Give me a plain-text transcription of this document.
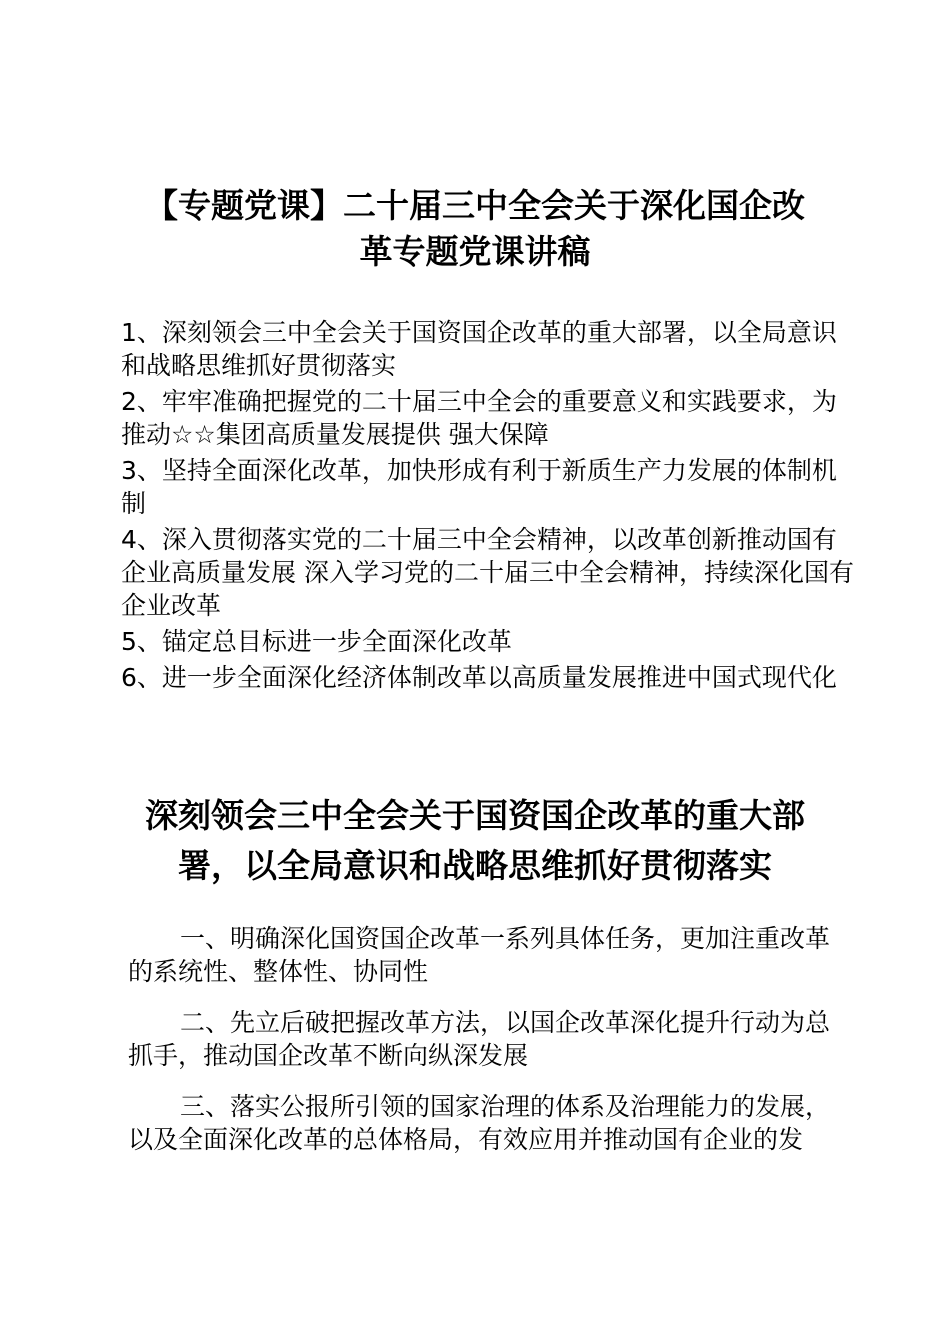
【专题党课】二十届三中全会关于深化国企改
革专题党课讲稿
1、深刻领会三中全会关于国资国企改革的重大部署，以全局意识和战略思维抓好贯彻落实
2、牢牢准确把握党的二十届三中全会的重要意义和实践要求，为推动☆☆集团高质量发展提供 强大保障
3、坚持全面深化改革，加快形成有利于新质生产力发展的体制机制
4、深入贯彻落实党的二十届三中全会精神，以改革创新推动国有企业高质量发展 深入学习党的二十届三中全会精神，持续深化国有企业改革
5、锚定总目标进一步全面深化改革
6、进一步全面深化经济体制改革以高质量发展推进中国式现代化
深刻领会三中全会关于国资国企改革的重大部
署，以全局意识和战略思维抓好贯彻落实

一、明确深化国资国企改革一系列具体任务，更加注重改革的系统性、整体性、协同性

二、先立后破把握改革方法，以国企改革深化提升行动为总抓手，推动国企改革不断向纵深发展

三、落实公报所引领的国家治理的体系及治理能力的发展，以及全面深化改革的总体格局，有效应用并推动国有企业的发
